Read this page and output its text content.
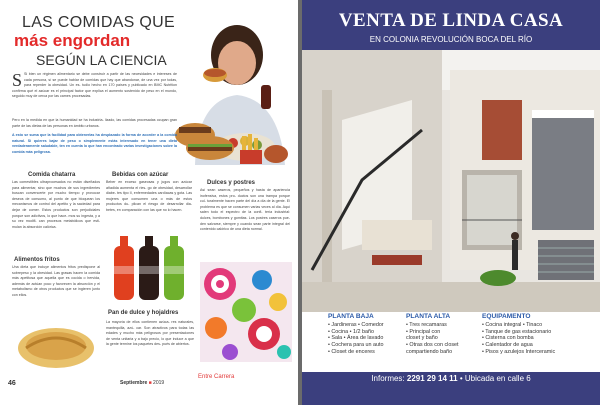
LAS COMIDAS QUE
más engordan
SEGÚN LA CIENCIA
S Si bien un régimen alimentario se debe construir a partir de las necesidades e intereses de cada persona, sí se puede hablar de comidas que hay que abandonar, de una vez por todas, para reperder la obesidad. Un es- tudio hecho en 170 países y publicado en BMC Nutrition confirma qué el azúcar es el principal factor que explica el aumento sostenido de peso en el mundo, seguido muy de cerca por las carnes procesadas.
Pero en la medida en que la humanidad se ha industria- lizado, las comidas procesadas ocupan gran parte de las dietas de las personas en ámbito urbanos.
A esto se suma que la facilidad para obtenerlas ha desplazado la forma de acceder a la comida natural. Si quieres bajar de peso o simplemente estás interesado en tener una dieta verdaderamente saludable, ten en cuenta lo que han encontrado varias investigaciones sobre la comida más peligrosa.
Comida chatarra	Bebidas con azúcar
Dulces y postres
Las comestibles ultraprocesados no están diseñados para alimentar, sino que muchos de sus ingredientes buscan convencerte por mucho tiempo y provocar deseos de consumo, al punto de que bloquean los mecanismos de control del apetito y la saciedad para dejar de comer. Estos productos son perjudiciales porque son adictivos, lo que hace- mos su ingesta, y a su vez modifi- can procesos metabólicos que esti- mulan la absorción calórica.
Beber en exceso gaseosas y jugos con azúcar añadida aumenta el ries- go de obesidad, desarrollar diabe- tes tipo II, enfermedades cardíacas y gota. Las mujeres que consumen una o más de estos productos du- plican el riesgo de desarrollar dia- betes, en comparación con las que no lo hacen.
Así sean caseros, pequeños y hasta de apariencia inofensiva, estos pro- ductos son una trampa porque cul- turalmente hacen parte del día a día de la gente. El problema es que se consumen varias veces al día. Aquí salen todo el espectro de la confi- tería industrial: dulces, bombones y gomitas. Los postres caseros pue- den salvarse, siempre y cuando sean parte integral del contenido calórico de una dieta normal.
Alimentos fritos
Una dieta que incluye alimentos fritos predispone al sobrepeso y la obesidad. Las grasas hacen la comida más apetitosa que aquella que es cocida o hervida, además de actúan poco y favorecen la absorción y el metabolismo de otros productos que se ingieren junto con ellos.
Pan de dulce y hojaldres
La mayoría de ellos contienen azúca- res naturales, mantequilla, azú- car. Son atractivos para todas las edades y mucho más peligrosos por presentaciones de venta unitaria y a bajo precio, lo que induce a que la gente termine los paquetes des- pués de abiertos.
46	Septiembre ■ 2019
Entre Carrera
VENTA DE LINDA CASA
EN COLONIA REVOLUCIÓN BOCA DEL RÍO
PLANTA BAJA
• Jardineras • Comedor
• Cocina • 1/2 baño
• Sala • Área de lavado
• Cochera para un auto
• Closet de enceres
PLANTA ALTA
• Tres recamaras
• Principal con
closet y baño
• Otras dos con closet
compartiendo baño
EQUIPAMENTO
• Cocina integral • Tinaco
• Tanque de gas estacionario
• Cisterna con bomba
• Calentador de agua
• Pisos y azulejos Interceramic
Informes: 2291 29 14 11 • Ubicada en calle 6
